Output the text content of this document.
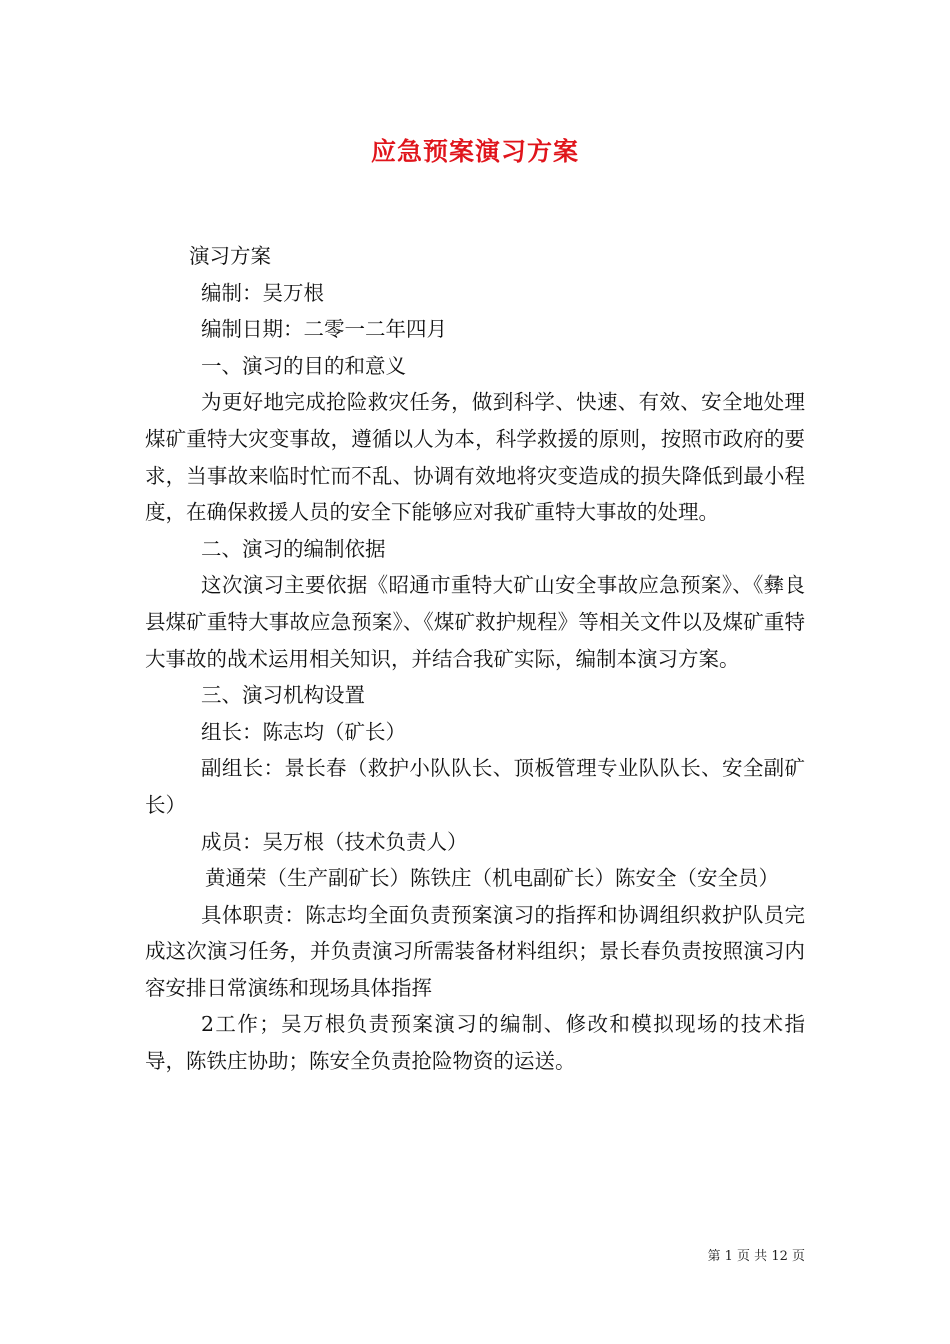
应急预案演习方案

演习方案

编制：吴万根

编制日期：二零一二年四月

一、演习的目的和意义

为更好地完成抢险救灾任务，做到科学、快速、有效、安全地处理煤矿重特大灾变事故，遵循以人为本，科学救援的原则，按照市政府的要求，当事故来临时忙而不乱、协调有效地将灾变造成的损失降低到最小程度，在确保救援人员的安全下能够应对我矿重特大事故的处理。

二、演习的编制依据

这次演习主要依据《昭通市重特大矿山安全事故应急预案》、《彝良县煤矿重特大事故应急预案》、《煤矿救护规程》等相关文件以及煤矿重特大事故的战术运用相关知识，并结合我矿实际，编制本演习方案。

三、演习机构设置

组长：陈志均（矿长）

副组长：景长春（救护小队队长、顶板管理专业队队长、安全副矿长）

成员：吴万根（技术负责人）

黄通荣（生产副矿长）陈铁庄（机电副矿长）陈安全（安全员）

具体职责：陈志均全面负责预案演习的指挥和协调组织救护队员完成这次演习任务，并负责演习所需装备材料组织；景长春负责按照演习内容安排日常演练和现场具体指挥

2工作；吴万根负责预案演习的编制、修改和模拟现场的技术指导，陈铁庄协助；陈安全负责抢险物资的运送。

第 1 页 共 12 页
